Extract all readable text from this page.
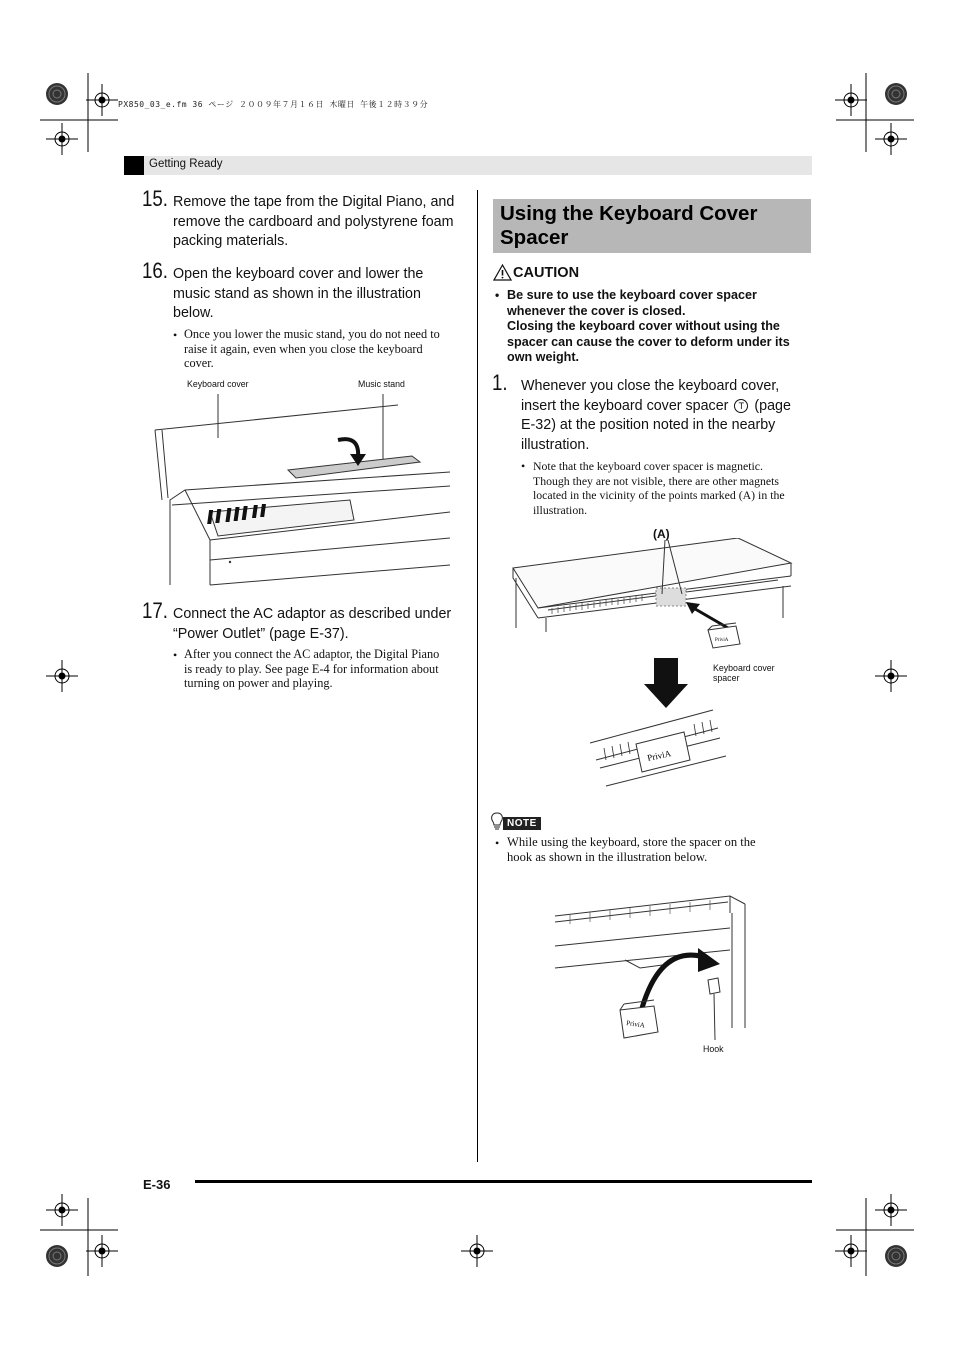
PX850_03_e.fm 36 ページ ２００９年７月１６日 木曜日 午後１２時３９分
Getting Ready
15. Remove the tape from the Digital Piano, and
remove the cardboard and polystyrene foam
packing materials.
16. Open the keyboard cover and lower the
music stand as shown in the illustration
below.
• Once you lower the music stand, you do not need to
raise it again, even when you close the keyboard
cover.
Keyboard cover	Music stand
17. Connect the AC adaptor as described under
“Power Outlet” (page E-37).
• After you connect the AC adaptor, the Digital Piano
is ready to play. See page E-4 for information about
turning on power and playing.
Using the Keyboard Cover
Spacer
CAUTION
• Be sure to use the keyboard cover spacer
whenever the cover is closed.
Closing the keyboard cover without using the
spacer can cause the cover to deform under its
own weight.
1. Whenever you close the keyboard cover,
insert the keyboard cover spacer T (page
E-32) at the position noted in the nearby
illustration.
• Note that the keyboard cover spacer is magnetic.
Though they are not visible, there are other magnets
located in the vicinity of the points marked (A) in the
illustration.
(A)
Keyboard cover
spacer
PriviA
PriviA
NOTE
• While using the keyboard, store the spacer on the
hook as shown in the illustration below.
PriviA
Hook
E-36
